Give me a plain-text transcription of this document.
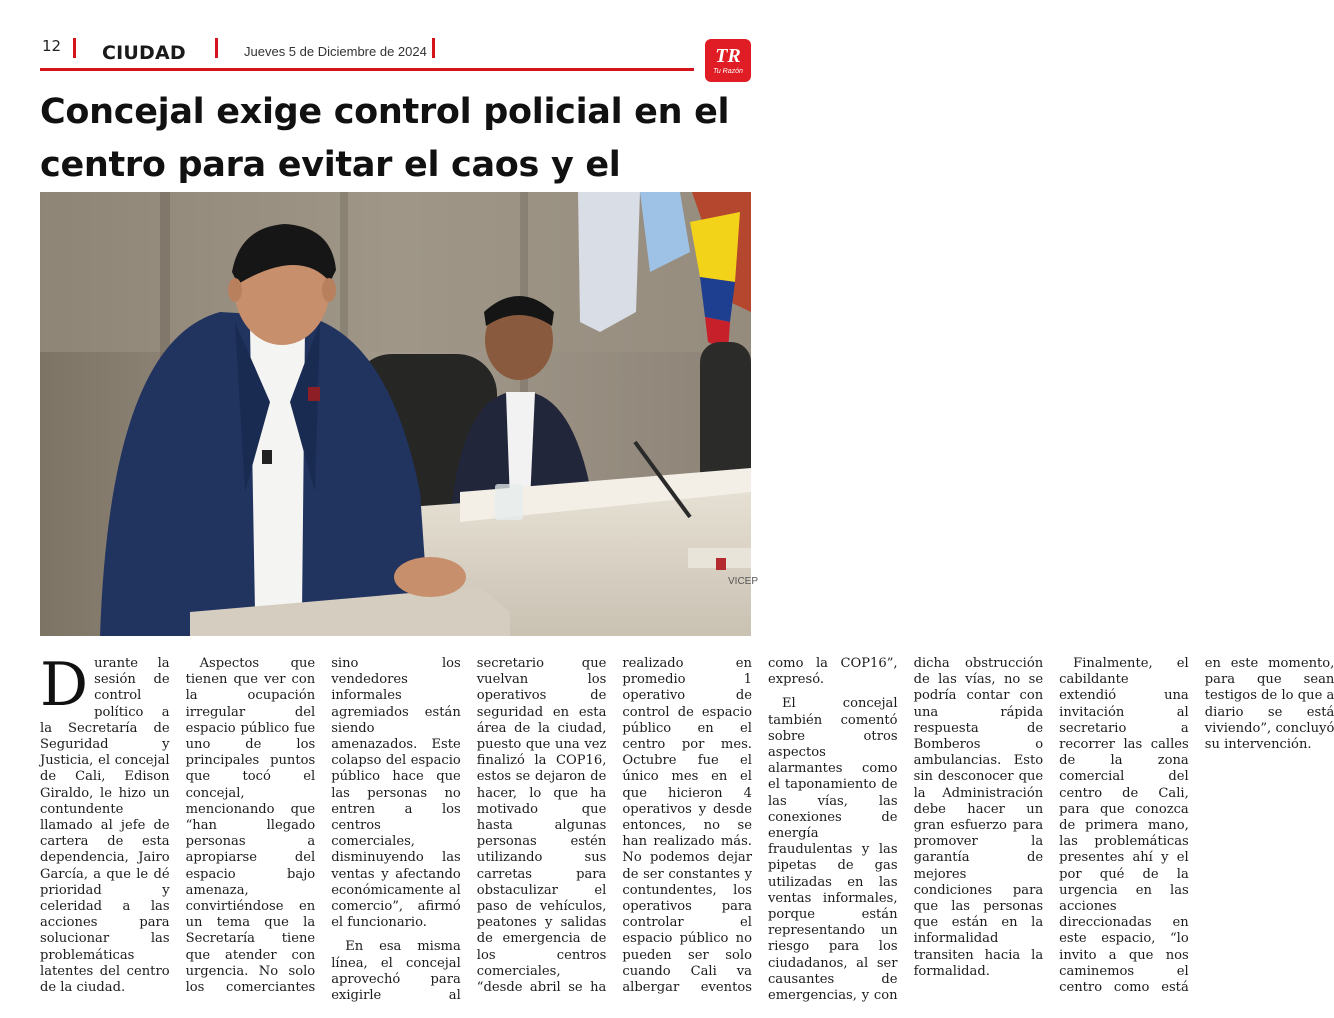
12 CIUDAD	Jueves 5 de Diciembre de 2024	TR
Tu Razón
Concejal exige control policial en el centro para evitar el caos y el
VICEP

Durante la sesión de control político a la Secretaría de Seguridad y Justicia, el concejal de Cali, Edison Giraldo, le hizo un contundente llamado al jefe de cartera de esta dependencia, Jairo García, a que le dé prioridad y celeridad a las acciones para solucionar las problemáticas latentes del centro de la ciudad.

Aspectos que tienen que ver con la ocupación irregular del espacio público fue uno de los principales puntos que tocó el concejal, mencionando que “han llegado personas a apropiarse del espacio bajo amenaza, convirtiéndose en un tema que la Secretaría tiene que atender con urgencia. No solo los comerciantes sino los vendedores informales agremiados están siendo amenazados. Este colapso del espacio público hace que las personas no entren a los centros comerciales, disminuyendo las ventas y afectando económicamente al comercio”, afirmó el funcionario.

En esa misma línea, el concejal aprovechó para exigirle al secretario que vuelvan los operativos de seguridad en esta área de la ciudad, puesto que una vez finalizó la COP16, estos se dejaron de hacer, lo que ha motivado que hasta algunas personas estén utilizando sus carretas para obstaculizar el paso de vehículos, peatones y salidas de emergencia de los centros comerciales, “desde abril se ha realizado en promedio 1 operativo de control de espacio público en el centro por mes. Octubre fue el único mes en el que hicieron 4 operativos y desde entonces, no se han realizado más. No podemos dejar de ser constantes y contundentes, los operativos para controlar el espacio público no pueden ser solo cuando Cali va albergar eventos como la COP16”, expresó.

El concejal también comentó sobre otros aspectos alarmantes como el taponamiento de las vías, las conexiones de energía fraudulentas y las pipetas de gas utilizadas en las ventas informales, porque están representando un riesgo para los ciudadanos, al ser causantes de emergencias, y con dicha obstrucción de las vías, no se podría contar con una rápida respuesta de Bomberos o ambulancias. Esto sin desconocer que la Administración debe hacer un gran esfuerzo para promover la garantía de mejores condiciones para que las personas que están en la informalidad transiten hacia la formalidad.

Finalmente, el cabildante extendió una invitación al secretario a recorrer las calles de la zona comercial del centro de Cali, para que conozca de primera mano, las problemáticas presentes ahí y el por qué de la urgencia en las acciones direccionadas en este espacio, “lo invito a que nos caminemos el centro como está en este momento, para que sean testigos de lo que a diario se está viviendo”, concluyó su intervención.
